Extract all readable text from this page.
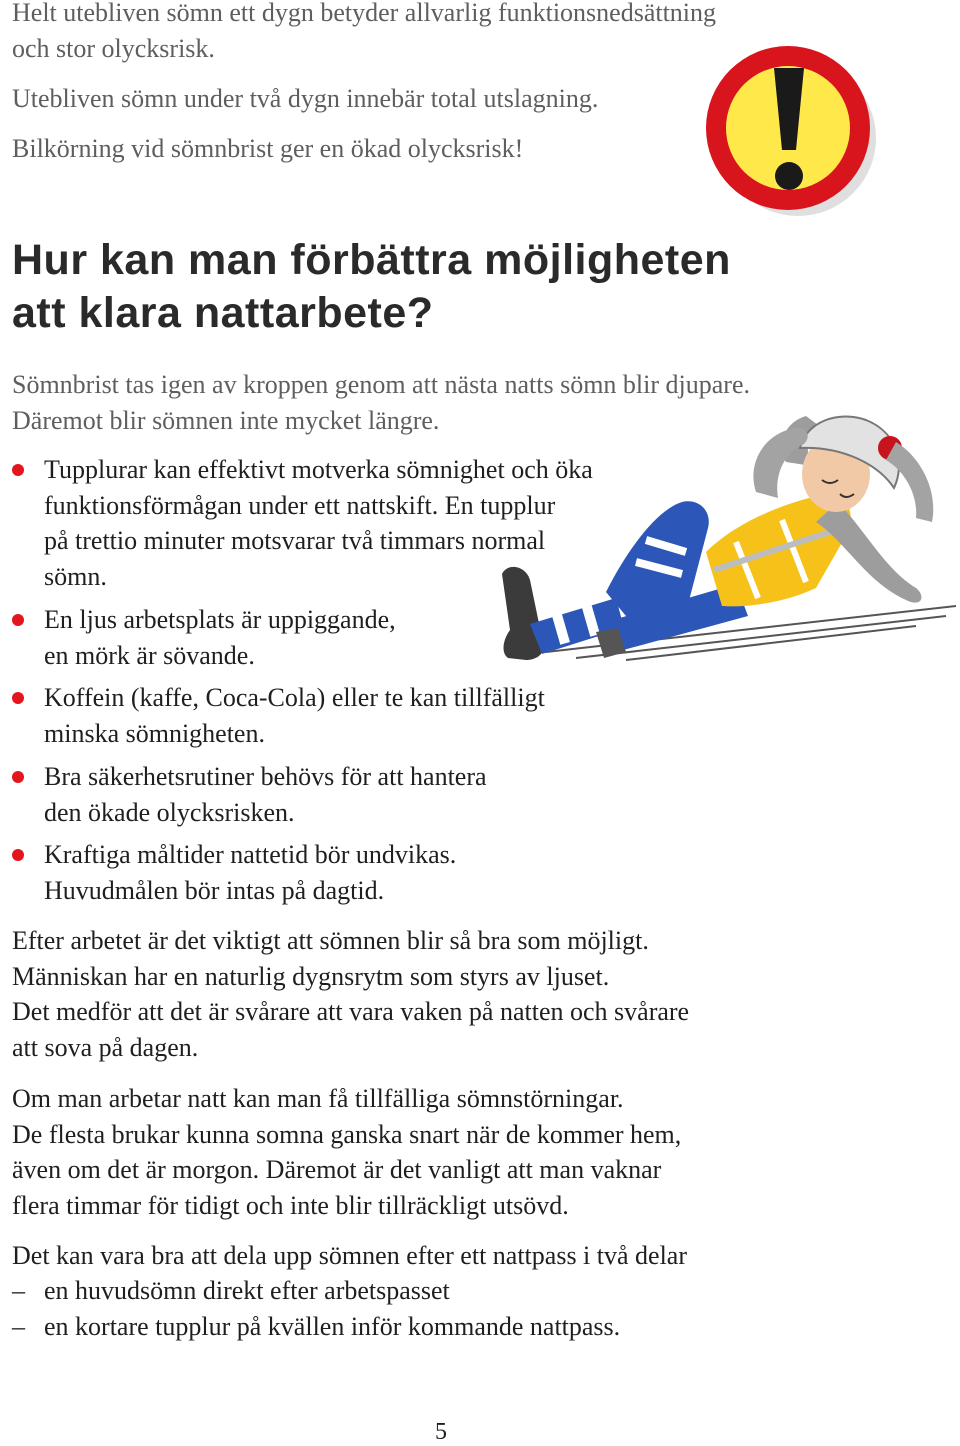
Helt utebliven sömn ett dygn betyder allvarlig funktionsnedsättning
och stor olycksrisk.
Utebliven sömn under två dygn innebär total utslagning.
Bilkörning vid sömnbrist ger en ökad olycksrisk!
Hur kan man förbättra möjligheten
att klara nattarbete?
Sömnbrist tas igen av kroppen genom att nästa natts sömn blir djupare.
Däremot blir sömnen inte mycket längre.
Tupplurar kan effektivt motverka sömnighet och öka
funktionsförmågan under ett nattskift. En tupplur
på trettio minuter motsvarar två timmars normal
sömn.
En ljus arbetsplats är uppiggande,
en mörk är sövande.
Koffein (kaffe, Coca-Cola) eller te kan tillfälligt
minska sömnigheten.
Bra säkerhetsrutiner behövs för att hantera
den ökade olycksrisken.
Kraftiga måltider nattetid bör undvikas.
Huvudmålen bör intas på dagtid.
Efter arbetet är det viktigt att sömnen blir så bra som möjligt.
Människan har en naturlig dygnsrytm som styrs av ljuset.
Det medför att det är svårare att vara vaken på natten och svårare
att sova på dagen.
Om man arbetar natt kan man få tillfälliga sömnstörningar.
De flesta brukar kunna somna ganska snart när de kommer hem,
även om det är morgon. Däremot är det vanligt att man vaknar
flera timmar för tidigt och inte blir tillräckligt utsövd.
Det kan vara bra att dela upp sömnen efter ett nattpass i två delar
– en huvudsömn direkt efter arbetspasset
– en kortare tupplur på kvällen inför kommande nattpass.
5
